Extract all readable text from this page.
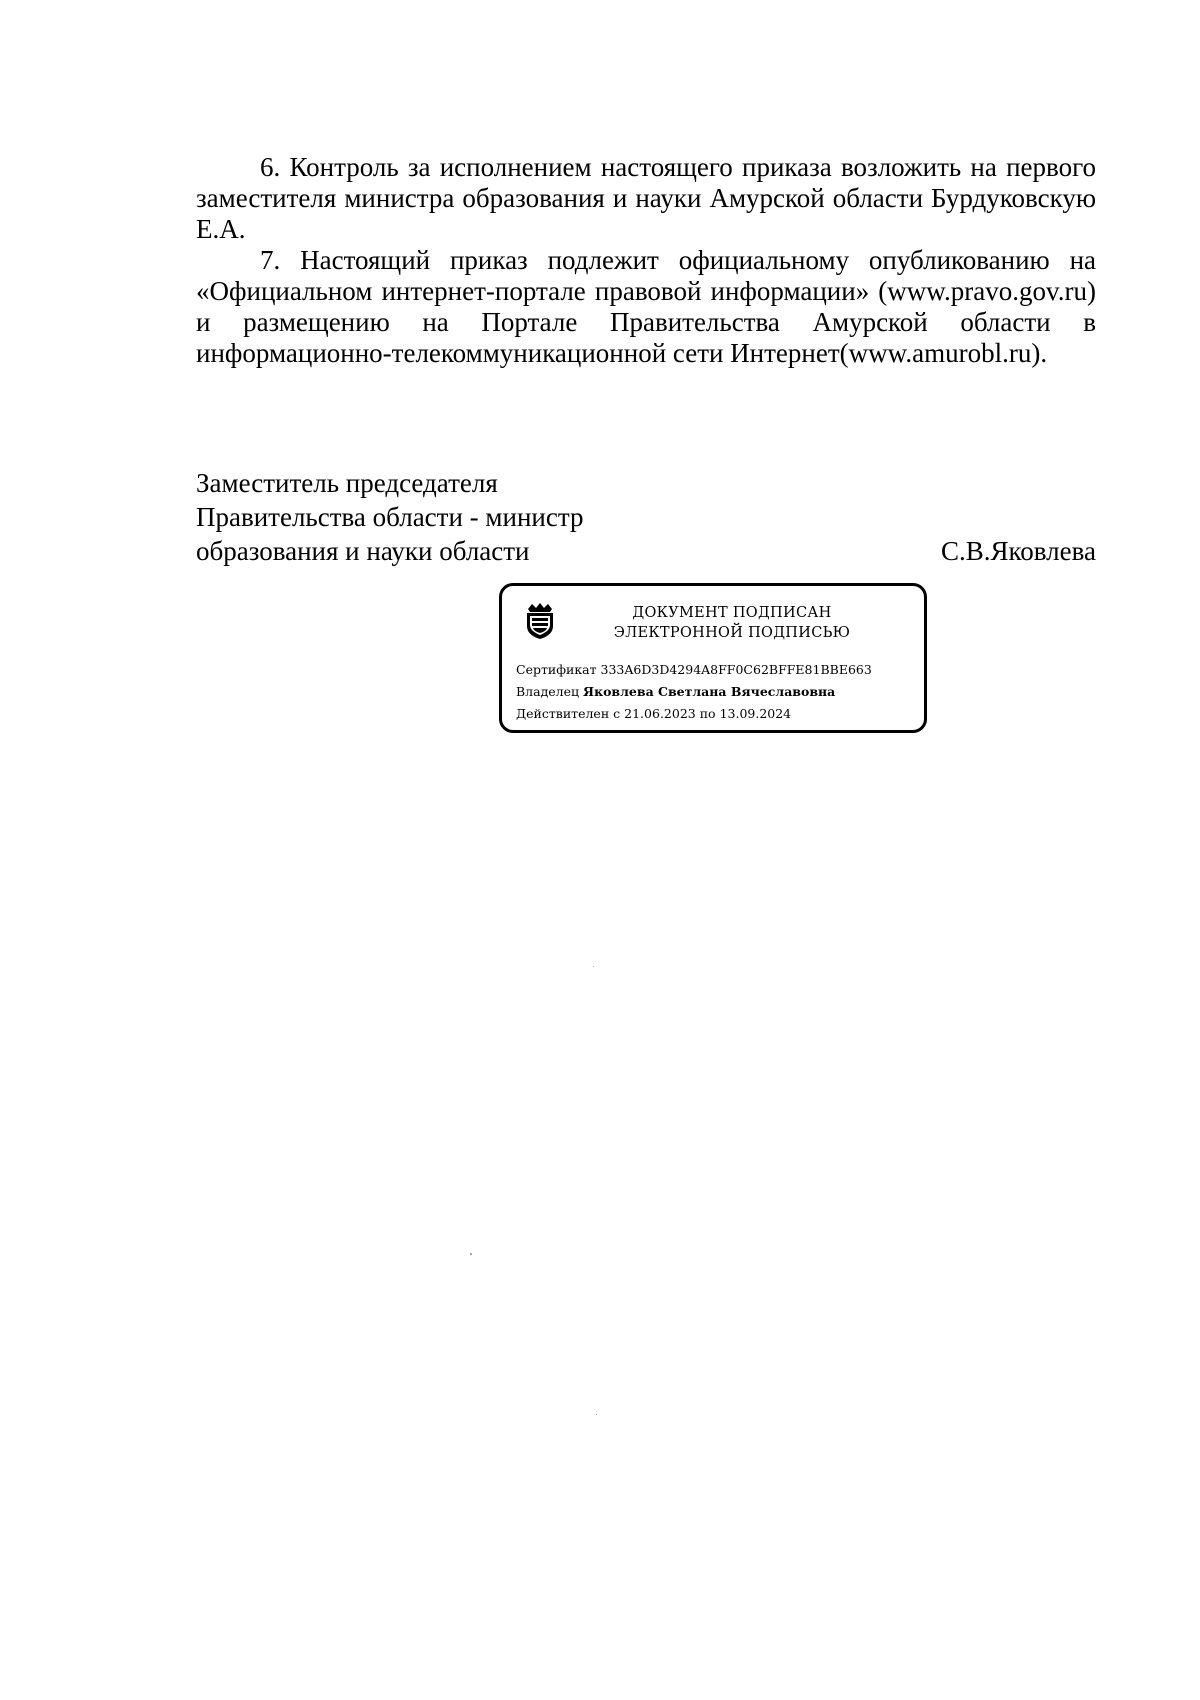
6. Контроль за исполнением настоящего приказа возложить на первого заместителя министра образования и науки Амурской области Бурдуковскую Е.А.

7. Настоящий приказ подлежит официальному опубликованию на «Официальном интернет-портале правовой информации» (www.pravo.gov.ru) и размещению на Портале Правительства Амурской области в информационно-телекоммуникационной сети Интернет(www.amurobl.ru).

Заместитель председателя
Правительства области - министр
образования и науки области	С.В.Яковлева
ДОКУМЕНТ ПОДПИСАН
ЭЛЕКТРОННОЙ ПОДПИСЬЮ
Сертификат 333A6D3D4294A8FF0C62BFFE81BBE663
Владелец Яковлева Светлана Вячеславовна
Действителен с 21.06.2023 по 13.09.2024
